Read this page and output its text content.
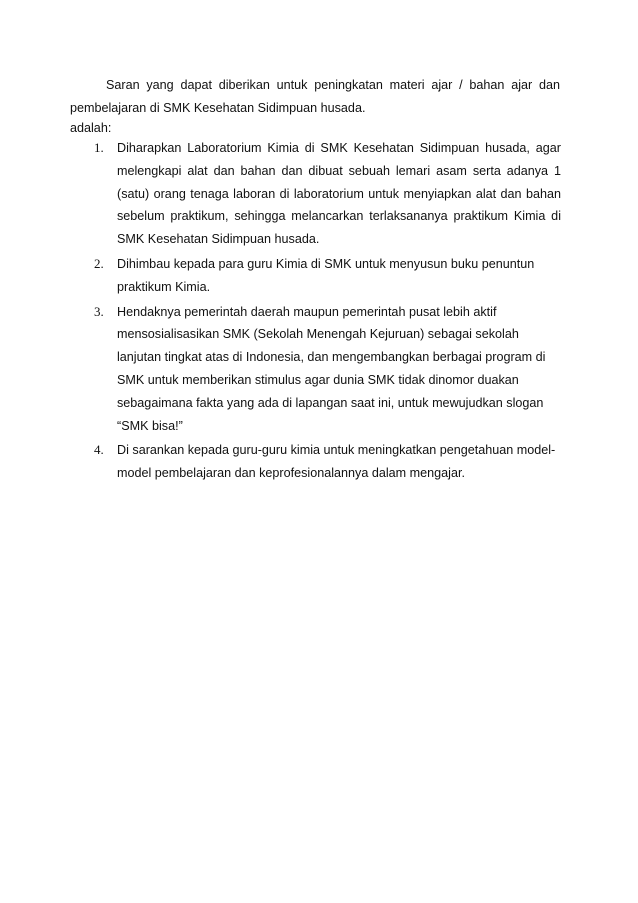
Saran yang dapat diberikan untuk peningkatan materi ajar / bahan ajar dan pembelajaran di SMK Kesehatan Sidimpuan husada.

adalah:

1. Diharapkan Laboratorium Kimia di SMK Kesehatan Sidimpuan husada, agar melengkapi alat dan bahan dan dibuat sebuah lemari asam serta adanya 1 (satu) orang tenaga laboran di laboratorium untuk menyiapkan alat dan bahan sebelum praktikum, sehingga melancarkan terlaksananya praktikum Kimia di SMK Kesehatan Sidimpuan husada.
2. Dihimbau kepada para guru Kimia di SMK untuk menyusun buku penuntun praktikum Kimia.
3. Hendaknya pemerintah daerah maupun pemerintah pusat lebih aktif mensosialisasikan SMK (Sekolah Menengah Kejuruan) sebagai sekolah lanjutan tingkat atas di Indonesia, dan mengembangkan berbagai program di SMK untuk memberikan stimulus agar dunia SMK tidak dinomor duakan sebagaimana fakta yang ada di lapangan saat ini, untuk mewujudkan slogan “SMK bisa!”
4. Di sarankan kepada guru-guru kimia untuk meningkatkan pengetahuan model-model pembelajaran dan keprofesionalannya dalam mengajar.
